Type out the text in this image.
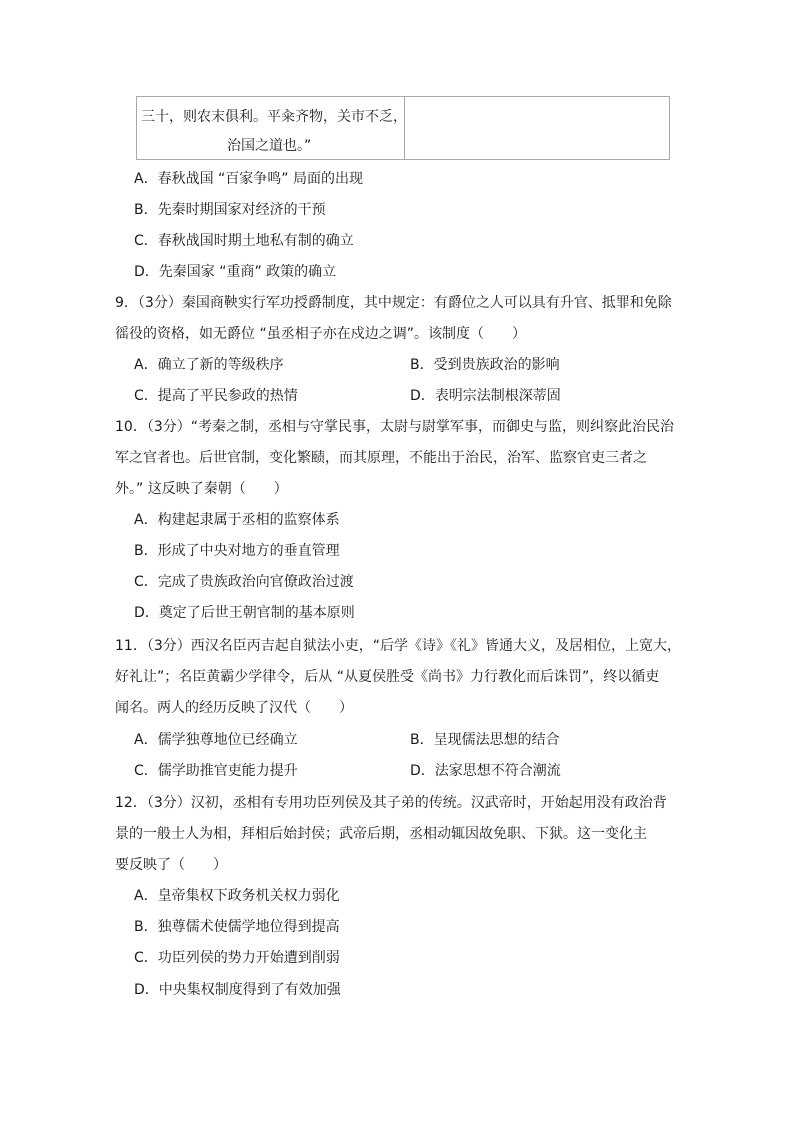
三十，则农末俱利。平籴齐物，关市不乏，
治国之道也。”
A．春秋战国 “百家争鸣” 局面的出现
B．先秦时期国家对经济的干预
C．春秋战国时期土地私有制的确立
D．先秦国家 “重商” 政策的确立
9．（3分）秦国商鞅实行军功授爵制度，其中规定：有爵位之人可以具有升官、抵罪和免除
徭役的资格，如无爵位 “虽丞相子亦在戍边之调”。该制度（　　）
A．确立了新的等级秩序	B．受到贵族政治的影响
C．提高了平民参政的热情	D．表明宗法制根深蒂固
10．（3分）“考秦之制，丞相与守掌民事，太尉与尉掌军事，而御史与监，则纠察此治民治
军之官者也。后世官制，变化繁赜，而其原理，不能出于治民，治军、监察官吏三者之
外。” 这反映了秦朝（　　）
A．构建起隶属于丞相的监察体系
B．形成了中央对地方的垂直管理
C．完成了贵族政治向官僚政治过渡
D．奠定了后世王朝官制的基本原则
11．（3分）西汉名臣丙吉起自狱法小吏，“后学《诗》《礼》皆通大义，及居相位，上宽大，
好礼让”；名臣黄霸少学律令，后从 “从夏侯胜受《尚书》力行教化而后诛罚”，终以循吏
闻名。两人的经历反映了汉代（　　）
A．儒学独尊地位已经确立	B．呈现儒法思想的结合
C．儒学助推官吏能力提升	D．法家思想不符合潮流
12．（3分）汉初，丞相有专用功臣列侯及其子弟的传统。汉武帝时，开始起用没有政治背
景的一般士人为相，拜相后始封侯；武帝后期，丞相动辄因故免职、下狱。这一变化主
要反映了（　　）
A．皇帝集权下政务机关权力弱化
B．独尊儒术使儒学地位得到提高
C．功臣列侯的势力开始遭到削弱
D．中央集权制度得到了有效加强
